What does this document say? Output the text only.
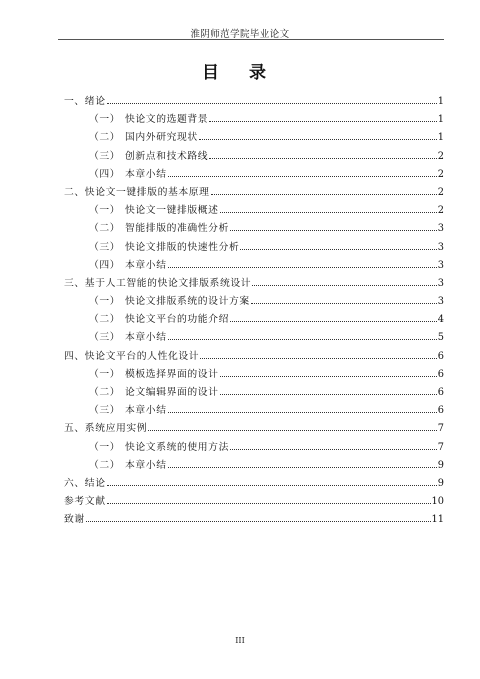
淮阴师范学院毕业论文
目 录
一、绪论	1
（一） 快论文的选题背景	1
（二） 国内外研究现状	1
（三） 创新点和技术路线	2
（四） 本章小结	2
二、快论文一键排版的基本原理	2
（一） 快论文一键排版概述	2
（二） 智能排版的准确性分析	3
（三） 快论文排版的快速性分析	3
（四） 本章小结	3
三、基于人工智能的快论文排版系统设计	3
（一） 快论文排版系统的设计方案	3
（二） 快论文平台的功能介绍	4
（三） 本章小结	5
四、快论文平台的人性化设计	6
（一） 模板选择界面的设计	6
（二） 论文编辑界面的设计	6
（三） 本章小结	6
五、系统应用实例	7
（一） 快论文系统的使用方法	7
（二） 本章小结	9
六、结论	9
参考文献	10
致谢	11
III
